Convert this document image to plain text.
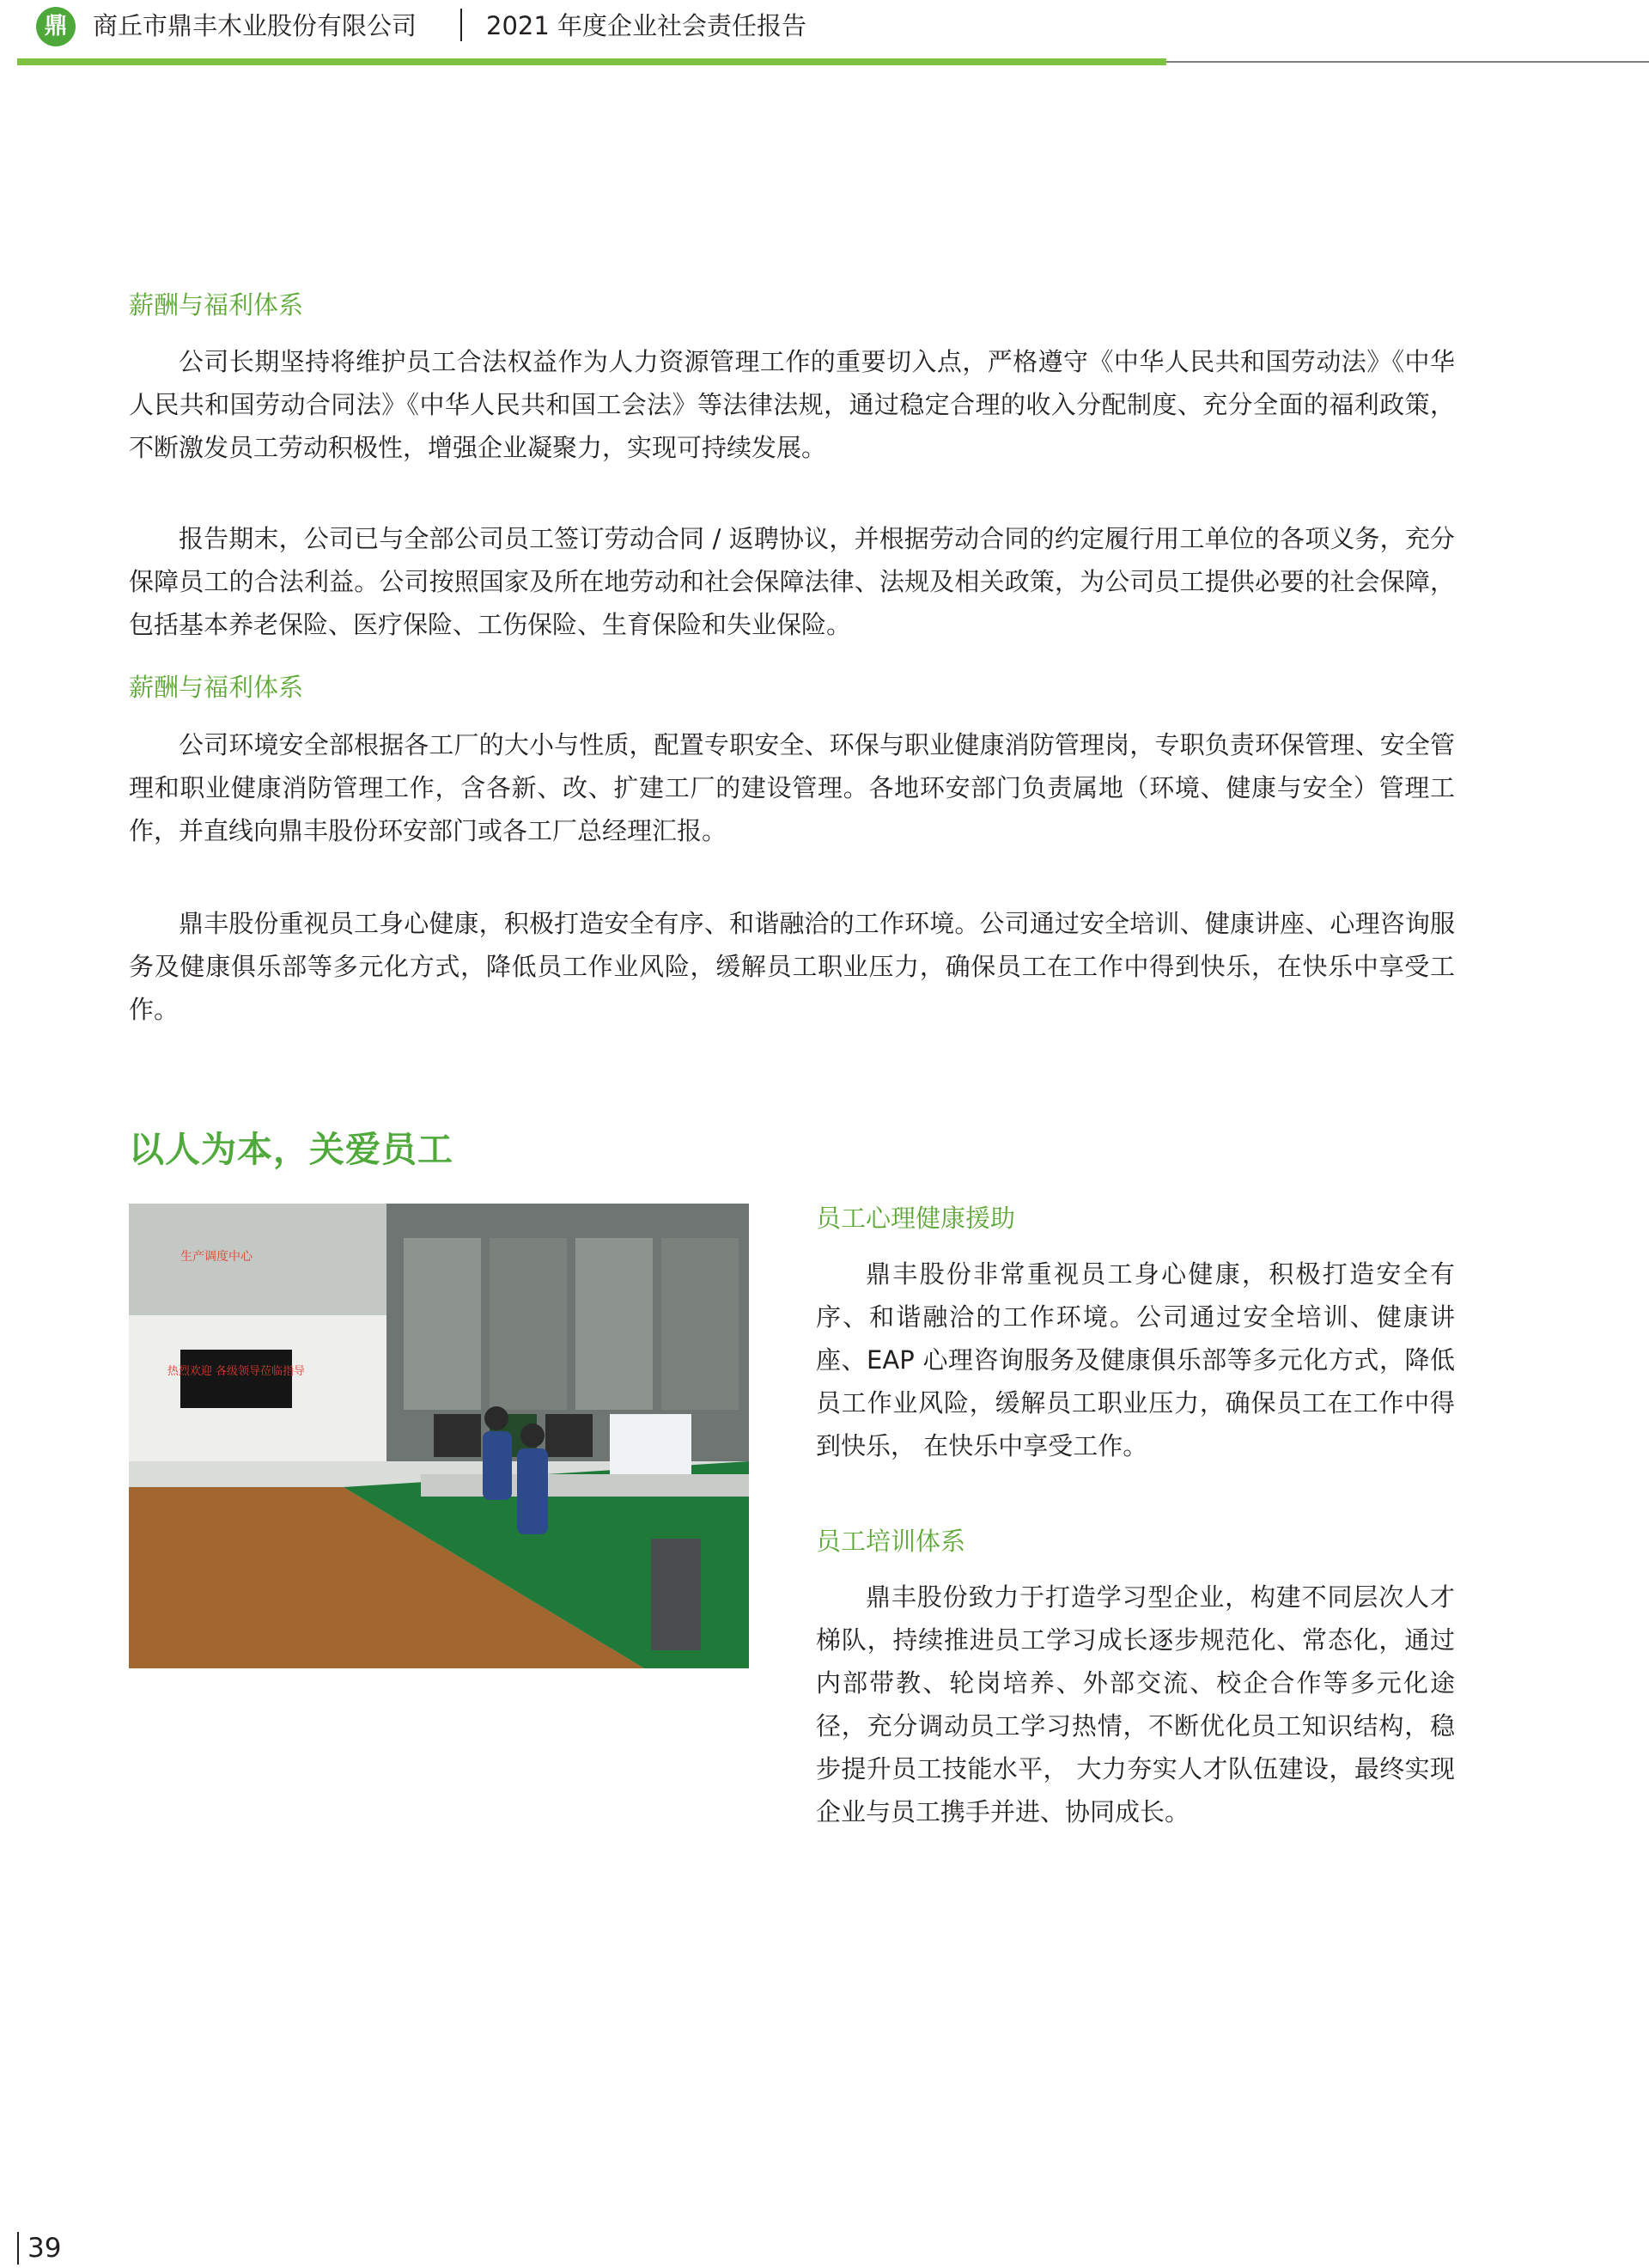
鼎	商丘市鼎丰木业股份有限公司	2021 年度企业社会责任报告
薪酬与福利体系
公司长期坚持将维护员工合法权益作为人力资源管理工作的重要切入点，严格遵守《中华人民共和国劳动法》《中华人民共和国劳动合同法》《中华人民共和国工会法》等法律法规，通过稳定合理的收入分配制度、充分全面的福利政策， 不断激发员工劳动积极性，增强企业凝聚力，实现可持续发展。
报告期末，公司已与全部公司员工签订劳动合同 / 返聘协议，并根据劳动合同的约定履行用工单位的各项义务，充分保障员工的合法利益。公司按照国家及所在地劳动和社会保障法律、法规及相关政策，为公司员工提供必要的社会保障，包括基本养老保险、医疗保险、工伤保险、生育保险和失业保险。
薪酬与福利体系
公司环境安全部根据各工厂的大小与性质，配置专职安全、环保与职业健康消防管理岗，专职负责环保管理、安全管理和职业健康消防管理工作，含各新、改、扩建工厂的建设管理。各地环安部门负责属地（环境、健康与安全）管理工作，并直线向鼎丰股份环安部门或各工厂总经理汇报。
鼎丰股份重视员工身心健康，积极打造安全有序、和谐融洽的工作环境。公司通过安全培训、健康讲座、心理咨询服务及健康俱乐部等多元化方式，降低员工作业风险，缓解员工职业压力，确保员工在工作中得到快乐，在快乐中享受工作。
以人为本，关爱员工
热烈欢迎 各级领导莅临指导
生产调度中心
员工心理健康援助
鼎丰股份非常重视员工身心健康，积极打造安全有序、和谐融洽的工作环境。公司通过安全培训、健康讲座、EAP 心理咨询服务及健康俱乐部等多元化方式，降低员工作业风险，缓解员工职业压力，确保员工在工作中得到快乐， 在快乐中享受工作。
员工培训体系
鼎丰股份致力于打造学习型企业，构建不同层次人才梯队，持续推进员工学习成长逐步规范化、常态化，通过内部带教、轮岗培养、外部交流、校企合作等多元化途径，充分调动员工学习热情，不断优化员工知识结构，稳步提升员工技能水平， 大力夯实人才队伍建设，最终实现企业与员工携手并进、协同成长。
39
